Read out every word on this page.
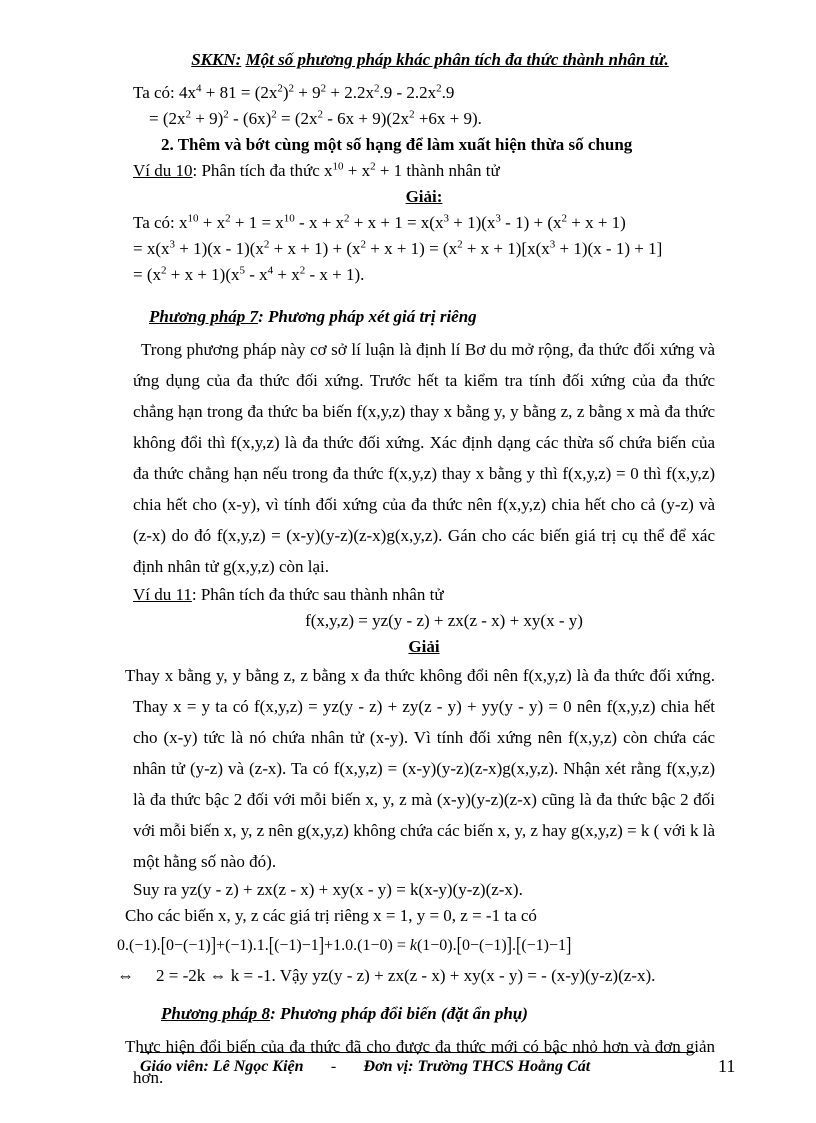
SKKN: Một số phương pháp khác phân tích đa thức thành nhân tử.
Ta có: $4x^4 + 81 = (2x^2)^2 + 9^2 + 2.2x^2.9 - 2.2x^2.9$
= $(2x^2 + 9)^2 - (6x)^2 = (2x^2 - 6x + 9)(2x^2 +6x + 9)$.
2. Thêm và bớt cùng một số hạng để làm xuất hiện thừa số chung
Ví du 10: Phân tích đa thức $x^{10} + x^2 + 1$ thành nhân tử
Giải:
Ta có: $x^{10} + x^2 + 1 = x^{10} - x + x^2 + x + 1 = x(x^3 + 1)(x^3 - 1) + (x^2 + x + 1)$
= $x(x^3 + 1)(x - 1)(x^2 + x + 1) + (x^2 + x + 1) = (x^2 + x + 1)[x(x^3 + 1)(x - 1) + 1]$
= $(x^2 + x + 1)(x^5 - x^4 + x^2 - x + 1)$.
Phương pháp 7: Phương pháp xét giá trị riêng
Trong phương pháp này cơ sở lí luận là định lí Bơ du mở rộng, đa thức đối xứng và ứng dụng của đa thức đối xứng. Trước hết ta kiểm tra tính đối xứng của đa thức chẳng hạn trong đa thức ba biến f(x,y,z) thay x bằng y, y bằng z, z bằng x mà đa thức không đổi thì f(x,y,z) là đa thức đối xứng. Xác định dạng các thừa số chứa biến của đa thức chẳng hạn nếu trong đa thức f(x,y,z) thay x bằng y thì f(x,y,z) = 0 thì f(x,y,z) chia hết cho (x-y), vì tính đối xứng của đa thức nên f(x,y,z) chia hết cho cả (y-z) và (z-x) do đó f(x,y,z) = (x-y)(y-z)(z-x)g(x,y,z). Gán cho các biến giá trị cụ thể để xác định nhân tử g(x,y,z) còn lại.
Ví du 11: Phân tích đa thức sau thành nhân tử
f(x,y,z) = yz(y - z) + zx(z - x) + xy(x - y)
Giải
Thay x bằng y, y bằng z, z bằng x đa thức không đổi nên f(x,y,z) là đa thức đối xứng. Thay x = y ta có f(x,y,z) = yz(y - z) + zy(z - y) + yy(y - y) = 0 nên f(x,y,z) chia hết cho (x-y) tức là nó chứa nhân tử (x-y). Vì tính đối xứng nên f(x,y,z) còn chứa các nhân tử (y-z) và (z-x). Ta có f(x,y,z) = (x-y)(y-z)(z-x)g(x,y,z). Nhận xét rằng f(x,y,z) là đa thức bậc 2 đối với mỗi biến x, y, z mà (x-y)(y-z)(z-x) cũng là đa thức bậc 2 đối với mỗi biến x, y, z nên g(x,y,z) không chứa các biến x, y, z hay g(x,y,z) = k ( với k là một hằng số nào đó).
Suy ra yz(y - z) + zx(z - x) + xy(x - y) = k(x-y)(y-z)(z-x).
Cho các biến x, y, z các giá trị riêng x = 1, y = 0, z = -1 ta có
0.(−1).[0−(−1)]+(−1).1.[(−1)−1]+1.0.(1−0) = k(1−0).[0−(−1)].[(−1)−1]
⇔ 2 = -2k ⇔ k = -1. Vậy yz(y - z) + zx(z - x) + xy(x - y) = - (x-y)(y-z)(z-x).
Phương pháp 8: Phương pháp đổi biến (đặt ẩn phụ)
Thực hiện đổi biến của đa thức đã cho được đa thức mới có bậc nhỏ hơn và đơn giản hơn.
Giáo viên: Lê Ngọc Kiện - Đơn vị: Trường THCS Hoằng Cát	11
